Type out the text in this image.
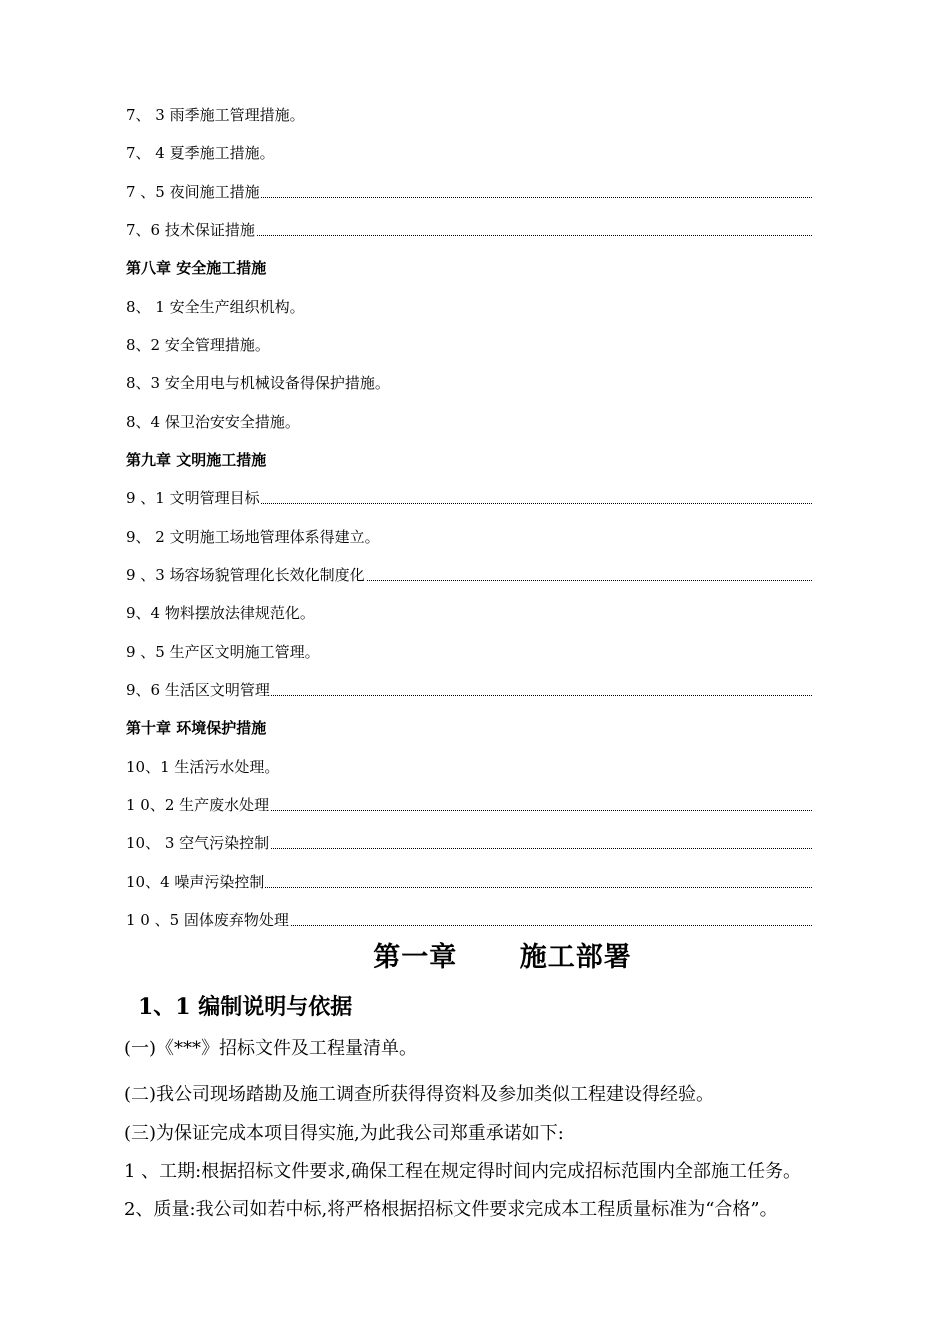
7、 3 雨季施工管理措施。
7、 4 夏季施工措施。
7 、5 夜间施工措施
7、6 技术保证措施
第八章 安全施工措施
8、 1 安全生产组织机构。
8、2 安全管理措施。
8、3 安全用电与机械设备得保护措施。
8、4 保卫治安安全措施。
第九章 文明施工措施
9 、1 文明管理目标
9、 2 文明施工场地管理体系得建立。
9 、3 场容场貌管理化长效化制度化
9、4 物料摆放法律规范化。
9 、5 生产区文明施工管理。
9、6 生活区文明管理
第十章 环境保护措施
10、1 生活污水处理。
1 0、2 生产废水处理
10、 3 空气污染控制
10、4 噪声污染控制
1 0 、5 固体废弃物处理
第一章      施工部署
1、1 编制说明与依据
(一)《***》招标文件及工程量清单。
(二)我公司现场踏勘及施工调查所获得得资料及参加类似工程建设得经验。
(三)为保证完成本项目得实施,为此我公司郑重承诺如下:
1 、工期:根据招标文件要求,确保工程在规定得时间内完成招标范围内全部施工任务。
2、质量:我公司如若中标,将严格根据招标文件要求完成本工程质量标准为“合格”。
